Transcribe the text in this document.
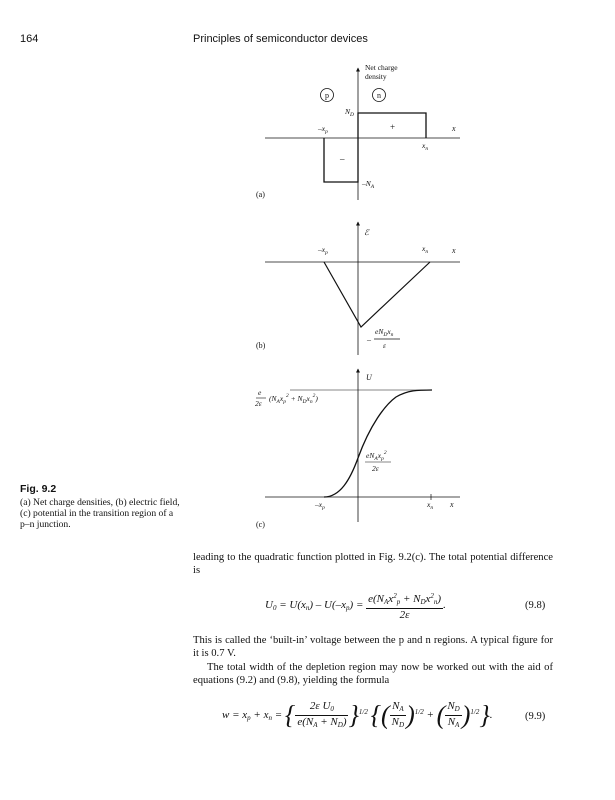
164	Principles of semiconductor devices
Net charge
density
p	n
$N_D$
$-x_p$	+
–
$x_n$
x
$-N_A$
(a)
ℰ
$-x_p$	$x_n$	x
–
$eN_Dx_n$
ε
(b)
U
e
2ε
$(N_Ax_p^2 + N_Dx_n^2)$
$eN_Ax_p^2$
2ε
$-x_p$	$x_n$ x
(c)
Fig. 9.2
(a) Net charge densities, (b) electric field, (c) potential in the transition region of a p–n junction.

leading to the quadratic function plotted in Fig. 9.2(c). The total potential difference is

$U_0 = U(x_n) - U(-x_p) = \frac{e(N_Ax^2_p + N_Dx^2_n)}{2\varepsilon}$ .	(9.8)

This is called the ‘built-in’ voltage between the p and n regions. A typical figure for it is 0.7 V.

The total width of the depletion region may now be worked out with the aid of equations (9.2) and (9.8), yielding the formula

$w = x_p + x_n$ = { $\frac{2\varepsilon U_0}{e(N_A + N_D)} \}^{1/2}$ {( $\frac{N_A}{N_D} )^{1/2}$ + ( $\frac{N_D}{N_A} )^{1/2}$}.	(9.9)
